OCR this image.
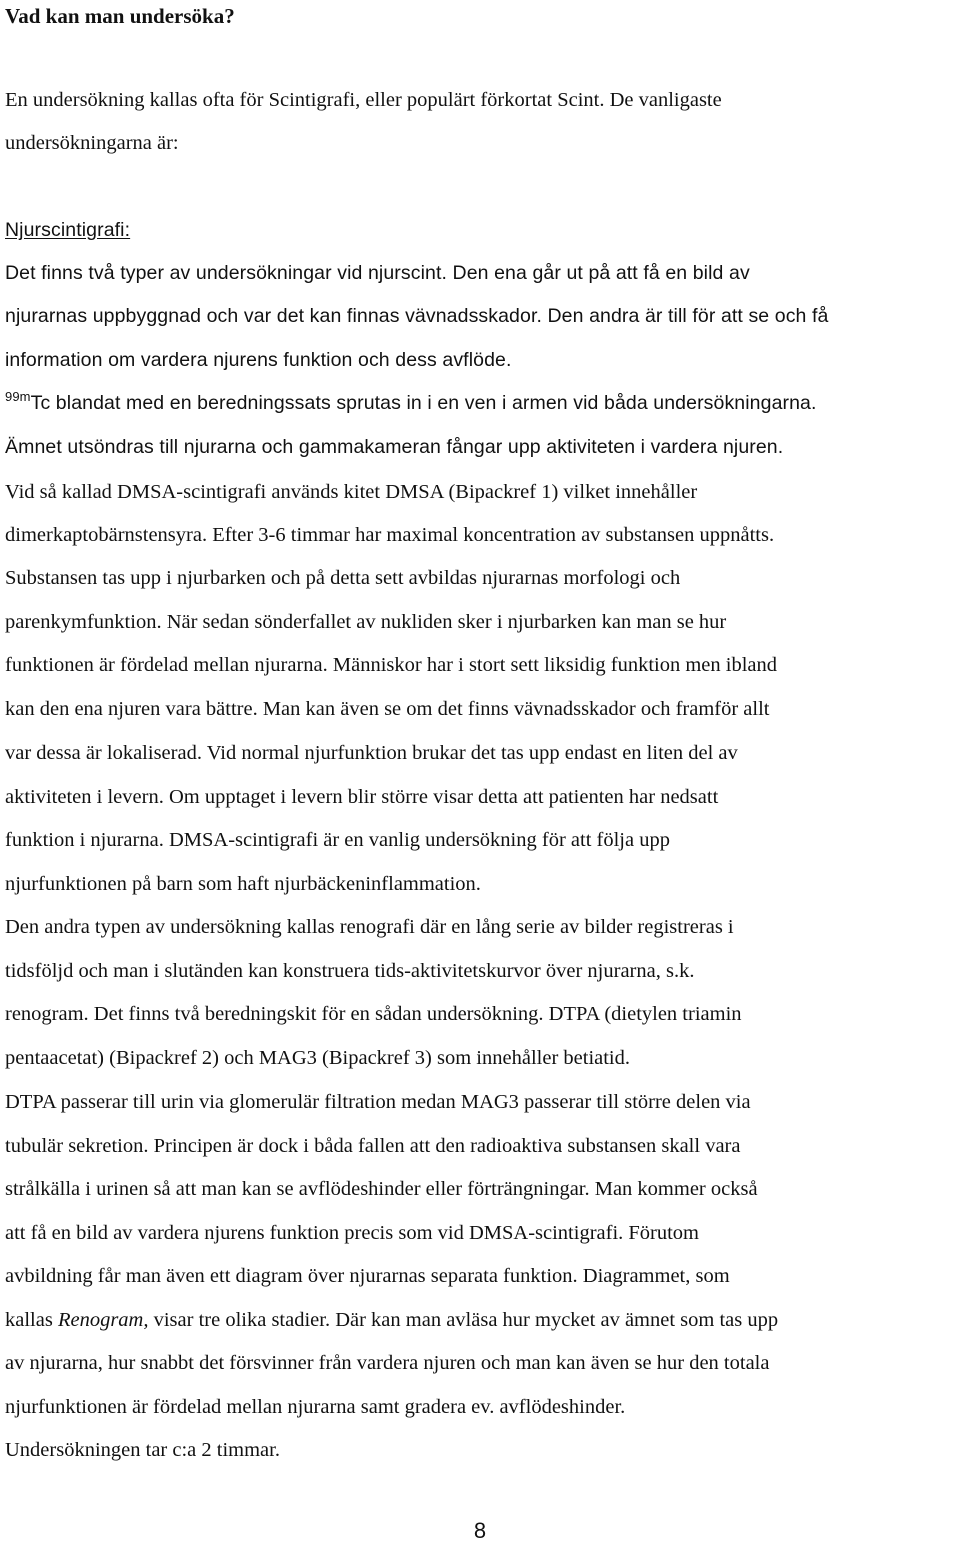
Vad kan man undersöka?
En undersökning kallas ofta för Scintigrafi, eller populärt förkortat Scint. De vanligaste
undersökningarna är:
Njurscintigrafi:
Det finns två typer av undersökningar vid njurscint. Den ena går ut på att få en bild av
njurarnas uppbyggnad och var det kan finnas vävnadsskador. Den andra är till för att se och få
information om vardera njurens funktion och dess avflöde.
$^{99m}$Tc blandat med en beredningssats sprutas in i en ven i armen vid båda undersökningarna.
Ämnet utsöndras till njurarna och gammakameran fångar upp aktiviteten i vardera njuren.
Vid så kallad DMSA-scintigrafi används kitet DMSA (Bipackref 1) vilket innehåller
dimerkaptobärnstensyra. Efter 3-6 timmar har maximal koncentration av substansen uppnåtts.
Substansen tas upp i njurbarken och på detta sett avbildas njurarnas morfologi och
parenkymfunktion. När sedan sönderfallet av nukliden sker i njurbarken kan man se hur
funktionen är fördelad mellan njurarna. Människor har i stort sett liksidig funktion men ibland
kan den ena njuren vara bättre. Man kan även se om det finns vävnadsskador och framför allt
var dessa är lokaliserad. Vid normal njurfunktion brukar det tas upp endast en liten del av
aktiviteten i levern. Om upptaget i levern blir större visar detta att patienten har nedsatt
funktion i njurarna. DMSA-scintigrafi är en vanlig undersökning för att följa upp
njurfunktionen på barn som haft njurbäckeninflammation.
Den andra typen av undersökning kallas renografi där en lång serie av bilder registreras i
tidsföljd och man i slutänden kan konstruera tids-aktivitetskurvor över njurarna, s.k.
renogram. Det finns två beredningskit för en sådan undersökning. DTPA (dietylen triamin
pentaacetat) (Bipackref 2) och MAG3 (Bipackref 3) som innehåller betiatid.
DTPA passerar till urin via glomerulär filtration medan MAG3 passerar till större delen via
tubulär sekretion. Principen är dock i båda fallen att den radioaktiva substansen skall vara
strålkälla i urinen så att man kan se avflödeshinder eller förträngningar. Man kommer också
att få en bild av vardera njurens funktion precis som vid DMSA-scintigrafi. Förutom
avbildning får man även ett diagram över njurarnas separata funktion. Diagrammet, som
kallas Renogram, visar tre olika stadier. Där kan man avläsa hur mycket av ämnet som tas upp
av njurarna, hur snabbt det försvinner från vardera njuren och man kan även se hur den totala
njurfunktionen är fördelad mellan njurarna samt gradera ev. avflödeshinder.
Undersökningen tar c:a 2 timmar.
8
